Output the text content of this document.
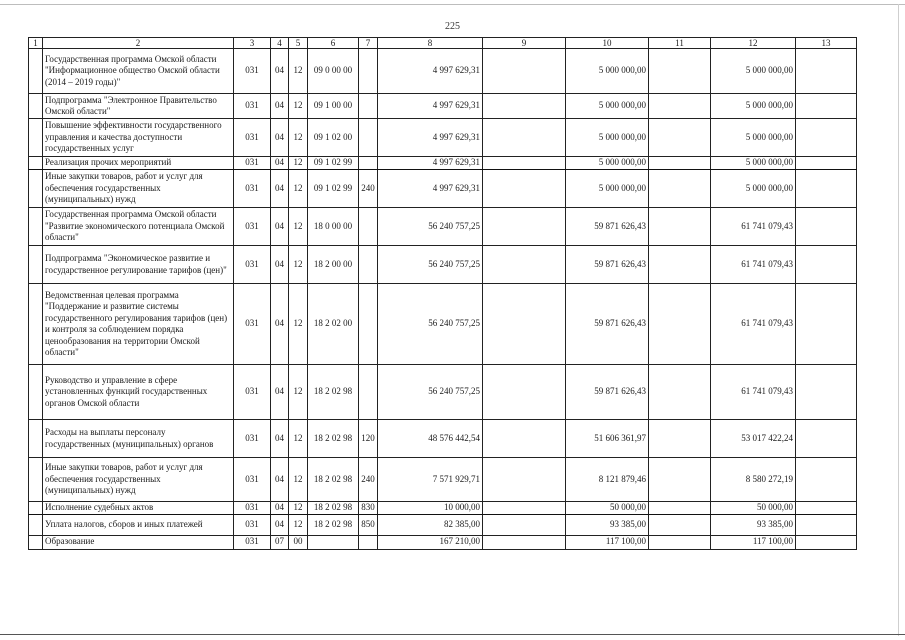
225
1	2	3	4	5	6	7	8	9	10	11	12	13
	Государственная программа Омской области "Информационное общество Омской области (2014 – 2019 годы)"	031	04	12	09 0 00 00		4 997 629,31		5 000 000,00		5 000 000,00	
	Подпрограмма "Электронное Правительство Омской области"	031	04	12	09 1 00 00		4 997 629,31		5 000 000,00		5 000 000,00	
	Повышение эффективности государственного управления и качества доступности государственных услуг	031	04	12	09 1 02 00		4 997 629,31		5 000 000,00		5 000 000,00	
	Реализация прочих мероприятий	031	04	12	09 1 02 99		4 997 629,31		5 000 000,00		5 000 000,00	
	Иные закупки товаров, работ и услуг для обеспечения государственных (муниципальных) нужд	031	04	12	09 1 02 99	240	4 997 629,31		5 000 000,00		5 000 000,00	
	Государственная программа Омской области "Развитие экономического потенциала Омской области"	031	04	12	18 0 00 00		56 240 757,25		59 871 626,43		61 741 079,43	
	Подпрограмма "Экономическое развитие и государственное регулирование тарифов (цен)"	031	04	12	18 2 00 00		56 240 757,25		59 871 626,43		61 741 079,43	
	Ведомственная целевая программа "Поддержание и развитие системы государственного регулирования тарифов (цен) и контроля за соблюдением порядка ценообразования на территории Омской области"	031	04	12	18 2 02 00		56 240 757,25		59 871 626,43		61 741 079,43	
	Руководство и управление в сфере установленных функций государственных органов Омской области	031	04	12	18 2 02 98		56 240 757,25		59 871 626,43		61 741 079,43	
	Расходы на выплаты персоналу государственных (муниципальных) органов	031	04	12	18 2 02 98	120	48 576 442,54		51 606 361,97		53 017 422,24	
	Иные закупки товаров, работ и услуг для обеспечения государственных (муниципальных) нужд	031	04	12	18 2 02 98	240	7 571 929,71		8 121 879,46		8 580 272,19	
	Исполнение судебных актов	031	04	12	18 2 02 98	830	10 000,00		50 000,00		50 000,00	
	Уплата налогов, сборов и иных платежей	031	04	12	18 2 02 98	850	82 385,00		93 385,00		93 385,00	
	Образование	031	07	00			167 210,00		117 100,00		117 100,00	
